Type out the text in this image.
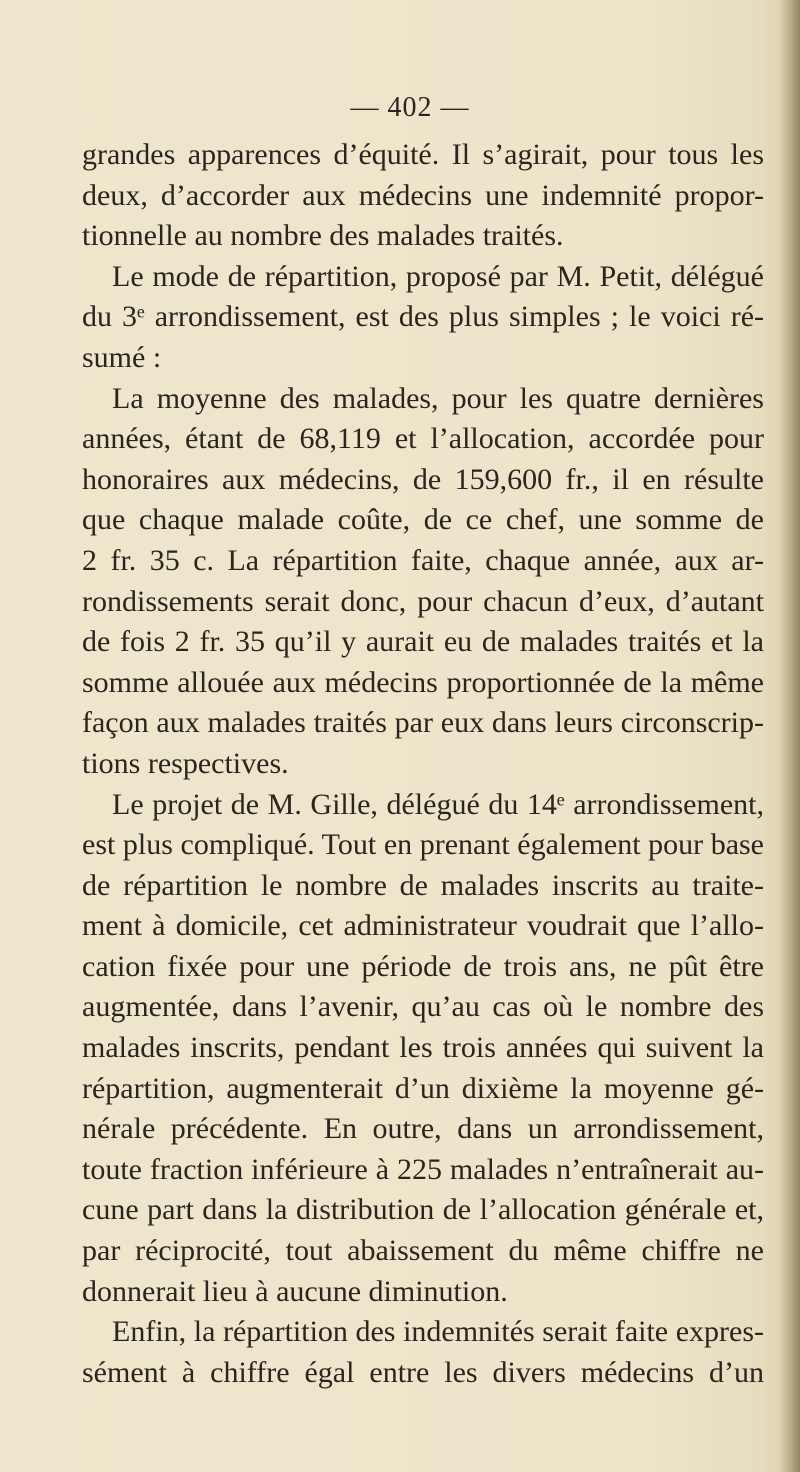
— 402 —
grandes apparences d’équité. Il s’agirait, pour tous les
deux, d’accorder aux médecins une indemnité propor-
tionnelle au nombre des malades traités.
Le mode de répartition, proposé par M. Petit, délégué
du 3ᵉ arrondissement, est des plus simples ; le voici ré-
sumé :
La moyenne des malades, pour les quatre dernières
années, étant de 68,119 et l’allocation, accordée pour
honoraires aux médecins, de 159,600 fr., il en résulte
que chaque malade coûte, de ce chef, une somme de
2 fr. 35 c. La répartition faite, chaque année, aux ar-
rondissements serait donc, pour chacun d’eux, d’autant
de fois 2 fr. 35 qu’il y aurait eu de malades traités et la
somme allouée aux médecins proportionnée de la même
façon aux malades traités par eux dans leurs circonscrip-
tions respectives.
Le projet de M. Gille, délégué du 14ᵉ arrondissement,
est plus compliqué. Tout en prenant également pour base
de répartition le nombre de malades inscrits au traite-
ment à domicile, cet administrateur voudrait que l’allo-
cation fixée pour une période de trois ans, ne pût être
augmentée, dans l’avenir, qu’au cas où le nombre des
malades inscrits, pendant les trois années qui suivent la
répartition, augmenterait d’un dixième la moyenne gé-
nérale précédente. En outre, dans un arrondissement,
toute fraction inférieure à 225 malades n’entraînerait au-
cune part dans la distribution de l’allocation générale et,
par réciprocité, tout abaissement du même chiffre ne
donnerait lieu à aucune diminution.
Enfin, la répartition des indemnités serait faite expres-
sément à chiffre égal entre les divers médecins d’un
